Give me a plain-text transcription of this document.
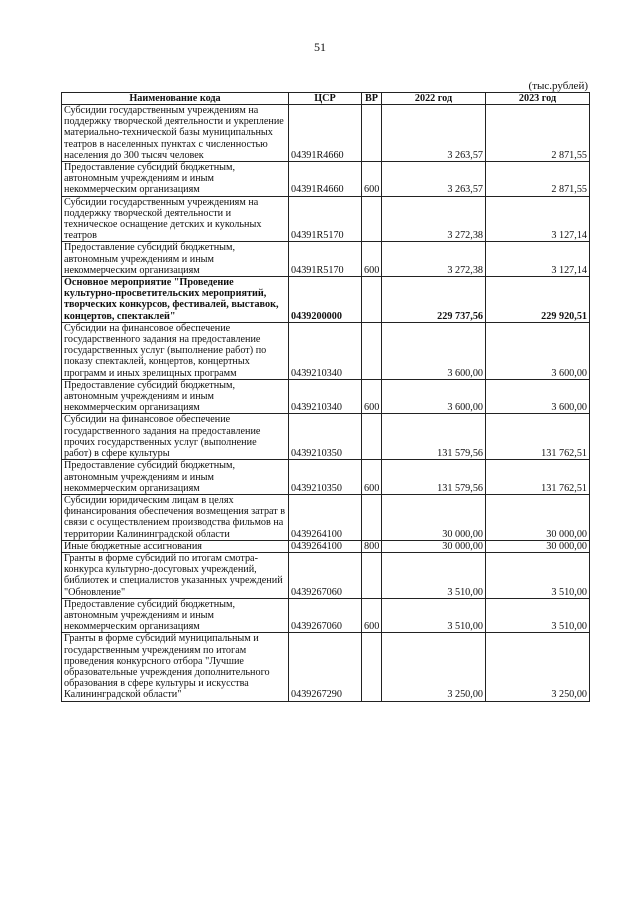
51
(тыс.рублей)
Наименование кода	ЦСР	ВР	2022 год	2023 год
Субсидии государственным учреждениям на поддержку творческой деятельности и укрепление материально-технической базы муниципальных театров в населенных пунктах с численностью населения до 300 тысяч человек	04391R4660		3 263,57	2 871,55
Предоставление субсидий бюджетным, автономным учреждениям и иным некоммерческим организациям	04391R4660	600	3 263,57	2 871,55
Субсидии государственным учреждениям на поддержку творческой деятельности и техническое оснащение детских и кукольных театров	04391R5170		3 272,38	3 127,14
Предоставление субсидий бюджетным, автономным учреждениям и иным некоммерческим организациям	04391R5170	600	3 272,38	3 127,14
Основное мероприятие "Проведение культурно-просветительских мероприятий, творческих конкурсов, фестивалей, выставок, концертов, спектаклей"	0439200000		229 737,56	229 920,51
Субсидии на финансовое обеспечение государственного задания на предоставление государственных услуг (выполнение работ) по показу спектаклей, концертов, концертных программ и иных зрелищных программ	0439210340		3 600,00	3 600,00
Предоставление субсидий бюджетным, автономным учреждениям и иным некоммерческим организациям	0439210340	600	3 600,00	3 600,00
Субсидии на финансовое обеспечение государственного задания на предоставление прочих государственных услуг (выполнение работ) в сфере культуры	0439210350		131 579,56	131 762,51
Предоставление субсидий бюджетным, автономным учреждениям и иным некоммерческим организациям	0439210350	600	131 579,56	131 762,51
Субсидии юридическим лицам в целях финансирования обеспечения возмещения затрат в связи с осуществлением производства фильмов на территории Калининградской области	0439264100		30 000,00	30 000,00
Иные бюджетные ассигнования	0439264100	800	30 000,00	30 000,00
Гранты в форме субсидий по итогам смотра-конкурса культурно-досуговых учреждений, библиотек и специалистов указанных учреждений "Обновление"	0439267060		3 510,00	3 510,00
Предоставление субсидий бюджетным, автономным учреждениям и иным некоммерческим организациям	0439267060	600	3 510,00	3 510,00
Гранты в форме субсидий муниципальным и государственным учреждениям по итогам проведения конкурсного отбора "Лучшие образовательные учреждения дополнительного образования в сфере культуры и искусства Калининградской области"	0439267290		3 250,00	3 250,00
